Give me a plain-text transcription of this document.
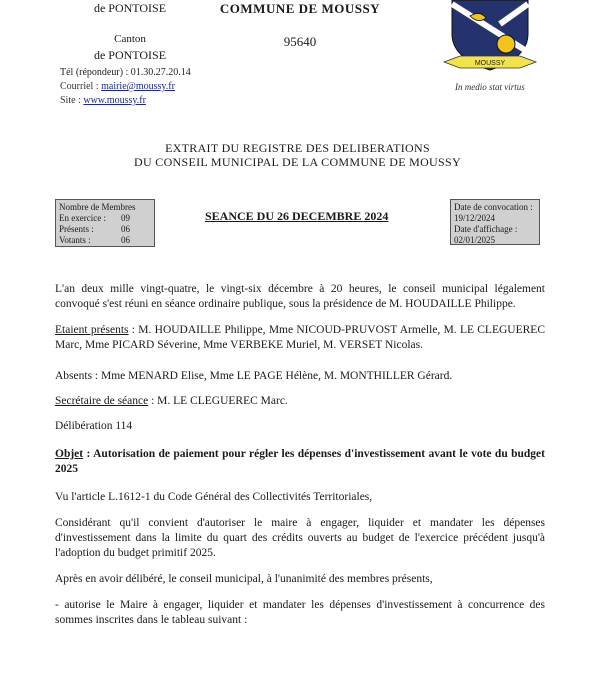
de PONTOISE
Canton
de PONTOISE
Tél (répondeur) : 01.30.27.20.14
Courriel : mairie@moussy.fr
Site : www.moussy.fr
COMMUNE DE MOUSSY
95640
MOUSSY
In medio stat virtus
EXTRAIT DU REGISTRE DES DELIBERATIONS
DU CONSEIL MUNICIPAL DE LA COMMUNE DE MOUSSY
Nombre de Membres
En exercice :	09
Présents :	06
Votants :	06
SEANCE DU 26 DECEMBRE 2024
Date de convocation :
19/12/2024
Date d'affichage :
02/01/2025
L'an deux mille vingt-quatre, le vingt-six décembre à 20 heures, le conseil municipal légalement convoqué s'est réuni en séance ordinaire publique, sous la présidence de M. HOUDAILLE Philippe.
Etaient présents : M. HOUDAILLE Philippe, Mme NICOUD-PRUVOST Armelle, M. LE CLEGUEREC Marc, Mme PICARD Séverine, Mme VERBEKE Muriel, M. VERSET Nicolas.
Absents : Mme MENARD Elise, Mme LE PAGE Hélène, M. MONTHILLER Gérard.
Secrétaire de séance : M. LE CLEGUEREC Marc.
Délibération 114
Objet : Autorisation de paiement pour régler les dépenses d'investissement avant le vote du budget 2025
Vu l'article L.1612-1 du Code Général des Collectivités Territoriales,
Considérant qu'il convient d'autoriser le maire à engager, liquider et mandater les dépenses d'investissement dans la limite du quart des crédits ouverts au budget de l'exercice précédent jusqu'à l'adoption du budget primitif 2025.
Après en avoir délibéré, le conseil municipal, à l'unanimité des membres présents,
- autorise le Maire à engager, liquider et mandater les dépenses d'investissement à concurrence des sommes inscrites dans le tableau suivant :
